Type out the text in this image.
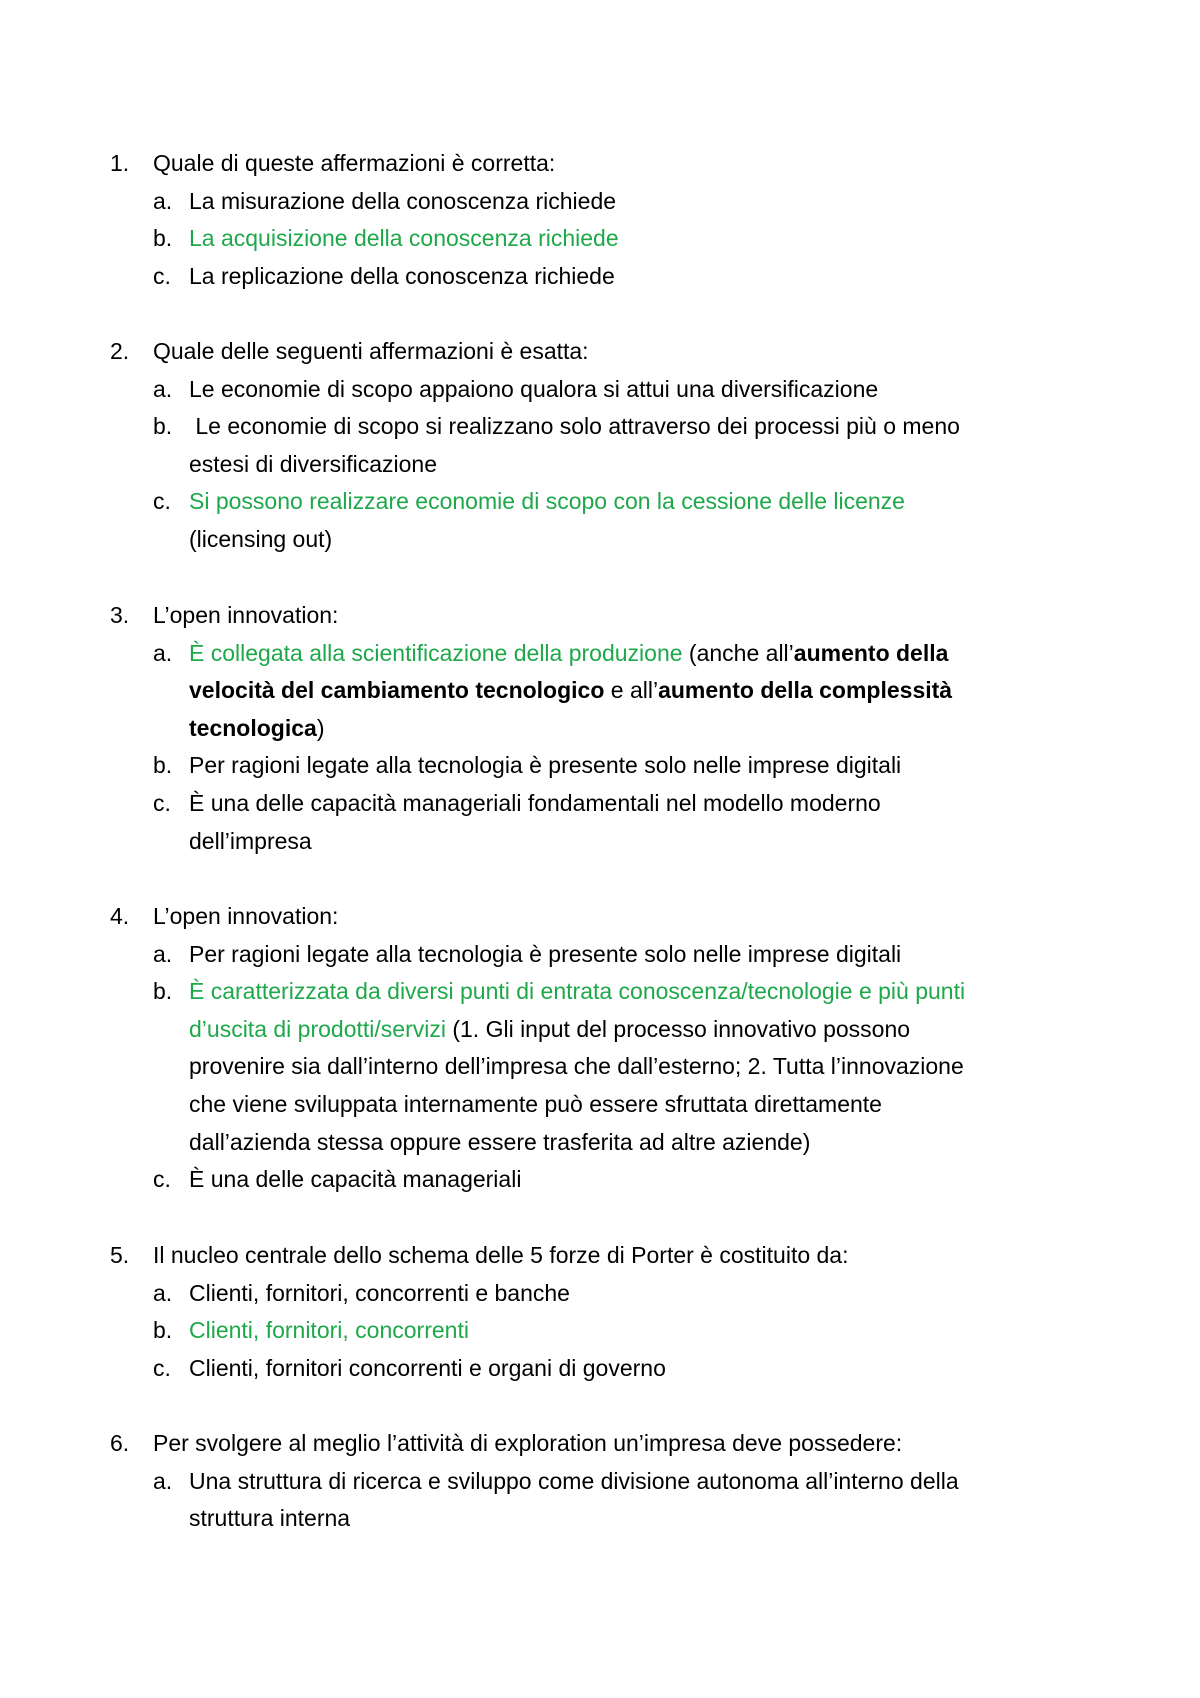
1. Quale di queste affermazioni è corretta:
a. La misurazione della conoscenza richiede
b. La acquisizione della conoscenza richiede
c. La replicazione della conoscenza richiede
2. Quale delle seguenti affermazioni è esatta:
a. Le economie di scopo appaiono qualora si attui una diversificazione
b. Le economie di scopo si realizzano solo attraverso dei processi più o meno
estesi di diversificazione
c. Si possono realizzare economie di scopo con la cessione delle licenze
(licensing out)
3. L’open innovation:
a. È collegata alla scientificazione della produzione (anche all’aumento della
velocità del cambiamento tecnologico e all’aumento della complessità
tecnologica)
b. Per ragioni legate alla tecnologia è presente solo nelle imprese digitali
c. È una delle capacità manageriali fondamentali nel modello moderno
dell’impresa
4. L’open innovation:
a. Per ragioni legate alla tecnologia è presente solo nelle imprese digitali
b. È caratterizzata da diversi punti di entrata conoscenza/tecnologie e più punti
d’uscita di prodotti/servizi (1. Gli input del processo innovativo possono
provenire sia dall’interno dell’impresa che dall’esterno; 2. Tutta l’innovazione
che viene sviluppata internamente può essere sfruttata direttamente
dall’azienda stessa oppure essere trasferita ad altre aziende)
c. È una delle capacità manageriali
5. Il nucleo centrale dello schema delle 5 forze di Porter è costituito da:
a. Clienti, fornitori, concorrenti e banche
b. Clienti, fornitori, concorrenti
c. Clienti, fornitori concorrenti e organi di governo
6. Per svolgere al meglio l’attività di exploration un’impresa deve possedere:
a. Una struttura di ricerca e sviluppo come divisione autonoma all’interno della
struttura interna
